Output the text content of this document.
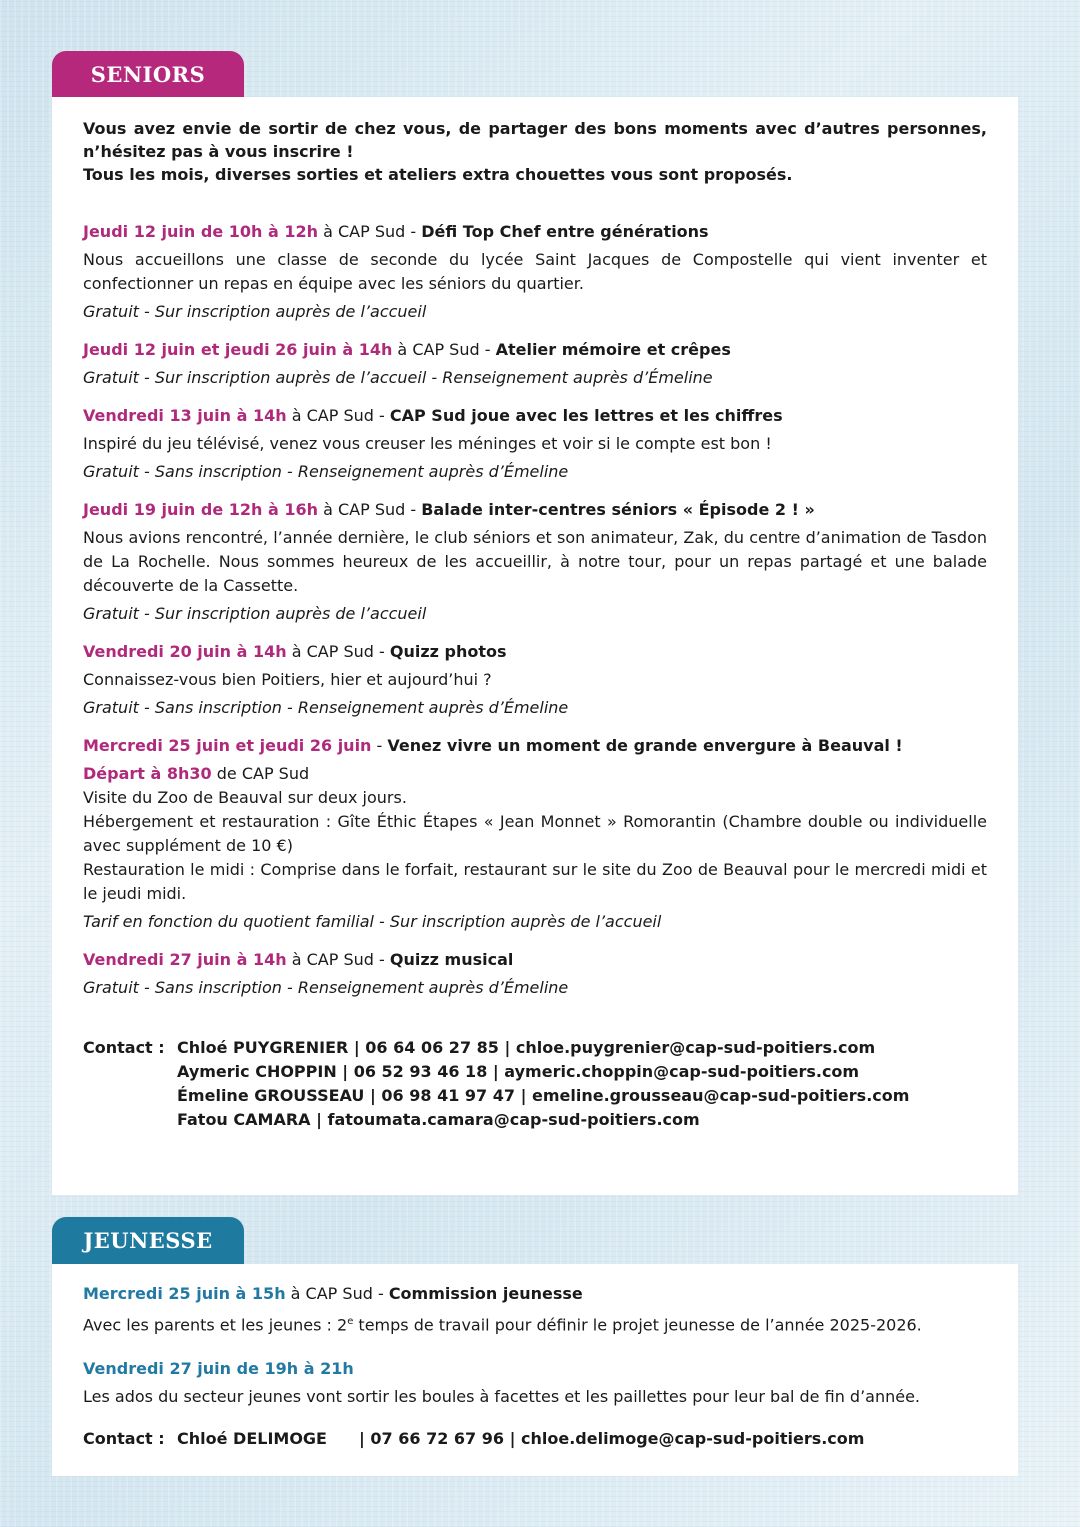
SENIORS

Vous avez envie de sortir de chez vous, de partager des bons moments avec d’autres personnes, n’hésitez pas à vous inscrire !

Tous les mois, diverses sorties et ateliers extra chouettes vous sont proposés.

Jeudi 12 juin de 10h à 12h à CAP Sud - Défi Top Chef entre générations

Nous accueillons une classe de seconde du lycée Saint Jacques de Compostelle qui vient inventer et confectionner un repas en équipe avec les séniors du quartier.

Gratuit - Sur inscription auprès de l’accueil

Jeudi 12 juin et jeudi 26 juin à 14h à CAP Sud - Atelier mémoire et crêpes

Gratuit - Sur inscription auprès de l’accueil - Renseignement auprès d’Émeline

Vendredi 13 juin à 14h à CAP Sud - CAP Sud joue avec les lettres et les chiffres

Inspiré du jeu télévisé, venez vous creuser les méninges et voir si le compte est bon !

Gratuit - Sans inscription - Renseignement auprès d’Émeline

Jeudi 19 juin de 12h à 16h à CAP Sud - Balade inter-centres séniors « Épisode 2 ! »

Nous avions rencontré, l’année dernière, le club séniors et son animateur, Zak, du centre d’animation de Tasdon de La Rochelle. Nous sommes heureux de les accueillir, à notre tour, pour un repas partagé et une balade découverte de la Cassette.

Gratuit - Sur inscription auprès de l’accueil

Vendredi 20 juin à 14h à CAP Sud - Quizz photos

Connaissez-vous bien Poitiers, hier et aujourd’hui ?

Gratuit - Sans inscription - Renseignement auprès d’Émeline

Mercredi 25 juin et jeudi 26 juin - Venez vivre un moment de grande envergure à Beauval !

Départ à 8h30 de CAP Sud

Visite du Zoo de Beauval sur deux jours.

Hébergement et restauration : Gîte Éthic Étapes « Jean Monnet » Romorantin (Chambre double ou individuelle avec supplément de 10 €)

Restauration le midi : Comprise dans le forfait, restaurant sur le site du Zoo de Beauval pour le mercredi midi et le jeudi midi.

Tarif en fonction du quotient familial - Sur inscription auprès de l’accueil

Vendredi 27 juin à 14h à CAP Sud - Quizz musical

Gratuit - Sans inscription - Renseignement auprès d’Émeline

Contact : Chloé PUYGRENIER | 06 64 06 27 85 | chloe.puygrenier@cap-sud-poitiers.com
Aymeric CHOPPIN | 06 52 93 46 18 | aymeric.choppin@cap-sud-poitiers.com
Émeline GROUSSEAU | 06 98 41 97 47 | emeline.grousseau@cap-sud-poitiers.com
Fatou CAMARA | fatoumata.camara@cap-sud-poitiers.com
JEUNESSE

Mercredi 25 juin à 15h à CAP Sud - Commission jeunesse

Avec les parents et les jeunes : 2e temps de travail pour définir le projet jeunesse de l’année 2025-2026.

Vendredi 27 juin de 19h à 21h

Les ados du secteur jeunes vont sortir les boules à facettes et les paillettes pour leur bal de fin d’année.

Contact : Chloé DELIMOGE | 07 66 72 67 96 | chloe.delimoge@cap-sud-poitiers.com
